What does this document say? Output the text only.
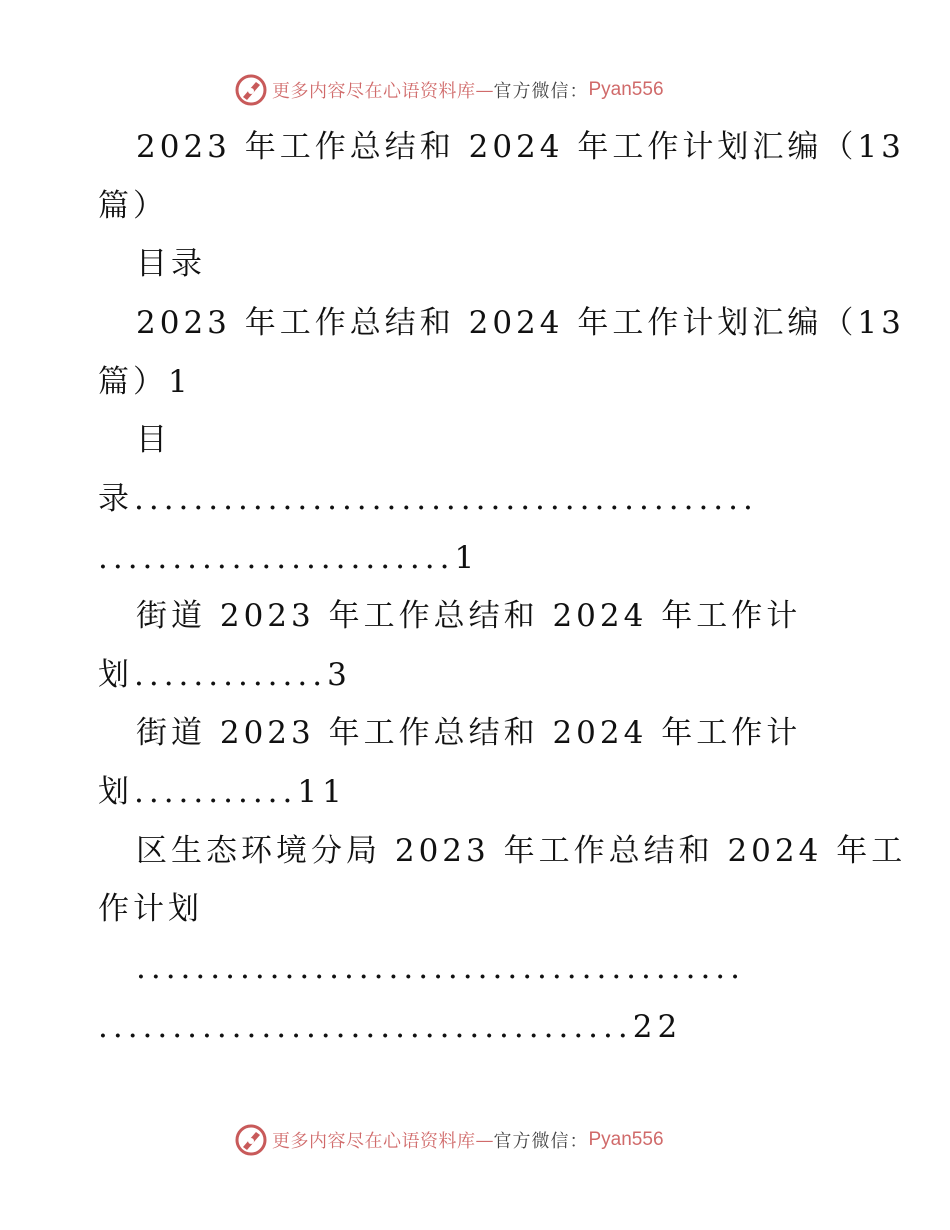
更多内容尽在心语资料库 — 官方微信： Pyan556
2023 年工作总结和 2024 年工作计划汇编（13
篇）
目录
2023 年工作总结和 2024 年工作计划汇编（13
篇）1
目
录..........................................
........................1
街道 2023 年工作总结和 2024 年工作计
划.............3
街道 2023 年工作总结和 2024 年工作计
划...........11
区生态环境分局 2023 年工作总结和 2024 年工
作计划
.........................................
....................................22
更多内容尽在心语资料库 — 官方微信： Pyan556
